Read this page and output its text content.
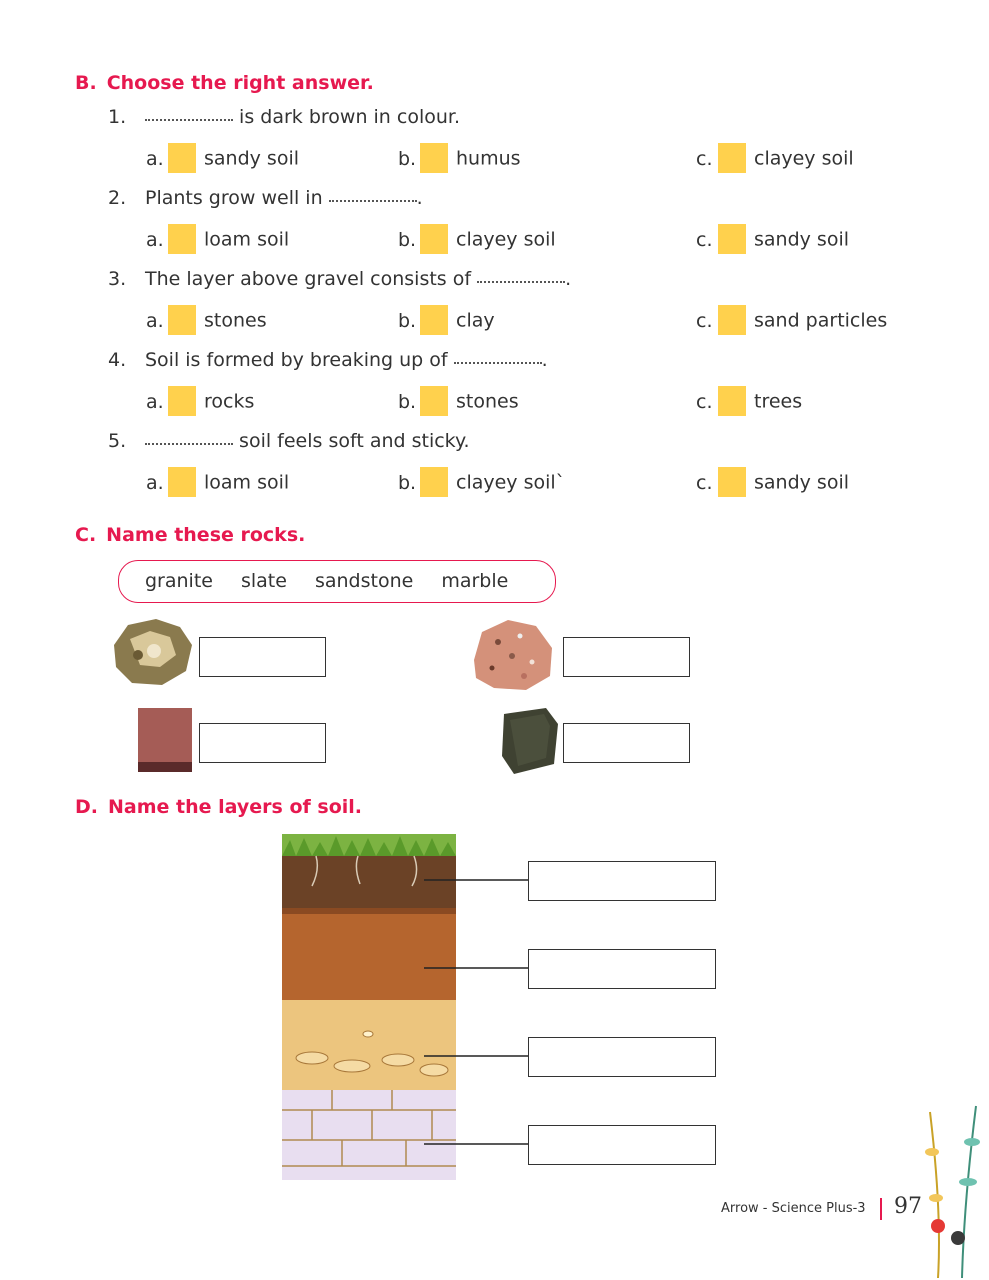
B. Choose the right answer.
1.	is dark brown in colour.
a. sandy soil	b. humus	c. clayey soil
2. Plants grow well in	.
a. loam soil	b. clayey soil	c. sandy soil
3. The layer above gravel consists of	.
a. stones	b. clay	c. sand particles
4. Soil is formed by breaking up of	.
a. rocks	b. stones	c. trees
5.	soil feels soft and sticky.
a. loam soil	b. clayey soil`	c. sandy soil
C. Name these rocks.
granite slate sandstone marble
D. Name the layers of soil.
Arrow - Science Plus-3 97
